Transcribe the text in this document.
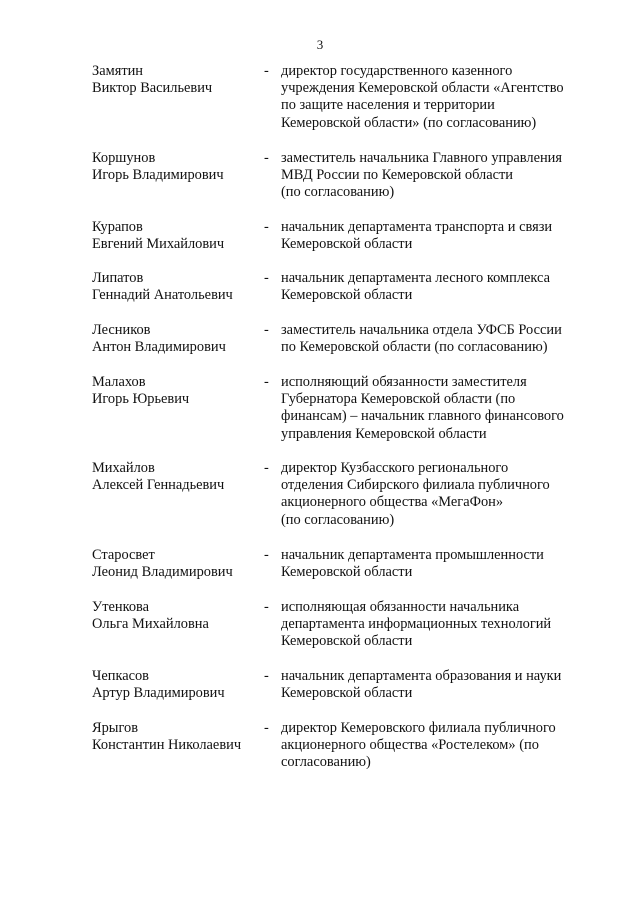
3
Замятин
Виктор Васильевич
- директор государственного казенного
учреждения Кемеровской области «Агентство
по защите населения и территории
Кемеровской области» (по согласованию)
Коршунов
Игорь Владимирович
- заместитель начальника Главного управления
МВД России по Кемеровской области
(по согласованию)
Курапов
Евгений Михайлович
- начальник департамента транспорта и связи
Кемеровской области
Липатов
Геннадий Анатольевич
- начальник департамента лесного комплекса
Кемеровской области
Лесников
Антон Владимирович
- заместитель начальника отдела УФСБ России
по Кемеровской области (по согласованию)
Малахов
Игорь Юрьевич
- исполняющий обязанности заместителя
Губернатора Кемеровской области (по
финансам) – начальник главного финансового
управления Кемеровской области
Михайлов
Алексей Геннадьевич
- директор Кузбасского регионального
отделения Сибирского филиала публичного
акционерного общества «МегаФон»
(по согласованию)
Старосвет
Леонид Владимирович
- начальник департамента промышленности
Кемеровской области
Утенкова
Ольга Михайловна
- исполняющая обязанности начальника
департамента информационных технологий
Кемеровской области
Чепкасов
Артур Владимирович
- начальник департамента образования и науки
Кемеровской области
Ярыгов
Константин Николаевич
- директор Кемеровского филиала публичного
акционерного общества «Ростелеком» (по
согласованию)
